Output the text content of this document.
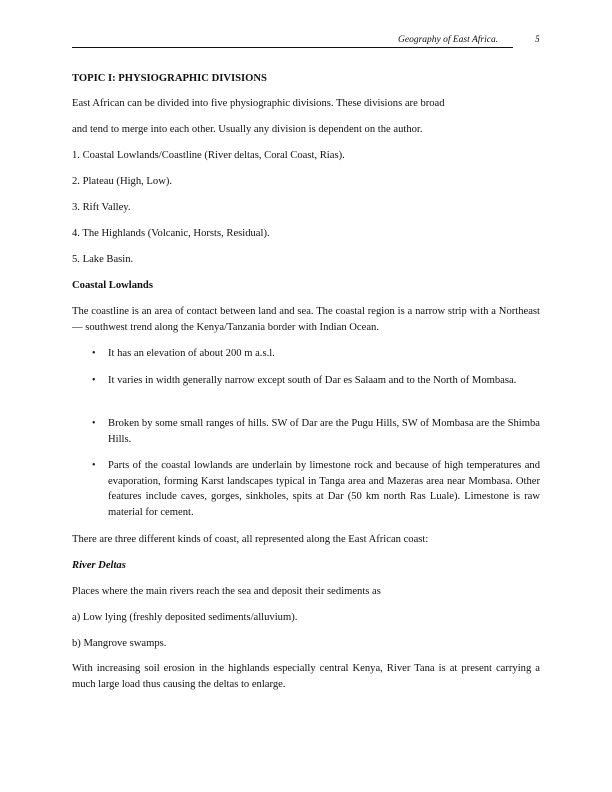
Geography of East Africa.	5
TOPIC I: PHYSIOGRAPHIC DIVISIONS
East African can be divided into five physiographic divisions. These divisions are broad
and tend to merge into each other. Usually any division is dependent on the author.
1. Coastal Lowlands/Coastline (River deltas, Coral Coast, Rias).
2. Plateau (High, Low).
3. Rift Valley.
4. The Highlands (Volcanic, Horsts, Residual).
5. Lake Basin.
Coastal Lowlands
The coastline is an area of contact between land and sea. The coastal region is a narrow strip with a Northeast— southwest trend along the Kenya/Tanzania border with Indian Ocean.
• It has an elevation of about 200 m a.s.l.
• It varies in width generally narrow except south of Dar es Salaam and to the North of Mombasa.
• Broken by some small ranges of hills. SW of Dar are the Pugu Hills, SW of Mombasa are the Shimba Hills.
• Parts of the coastal lowlands are underlain by limestone rock and because of high temperatures and evaporation, forming Karst landscapes typical in Tanga area and Mazeras area near Mombasa. Other features include caves, gorges, sinkholes, spits at Dar (50 km north Ras Luale). Limestone is raw material for cement.
There are three different kinds of coast, all represented along the East African coast:
River Deltas
Places where the main rivers reach the sea and deposit their sediments as
a) Low lying (freshly deposited sediments/alluvium).
b) Mangrove swamps.
With increasing soil erosion in the highlands especially central Kenya, River Tana is at present carrying a much large load thus causing the deltas to enlarge.
